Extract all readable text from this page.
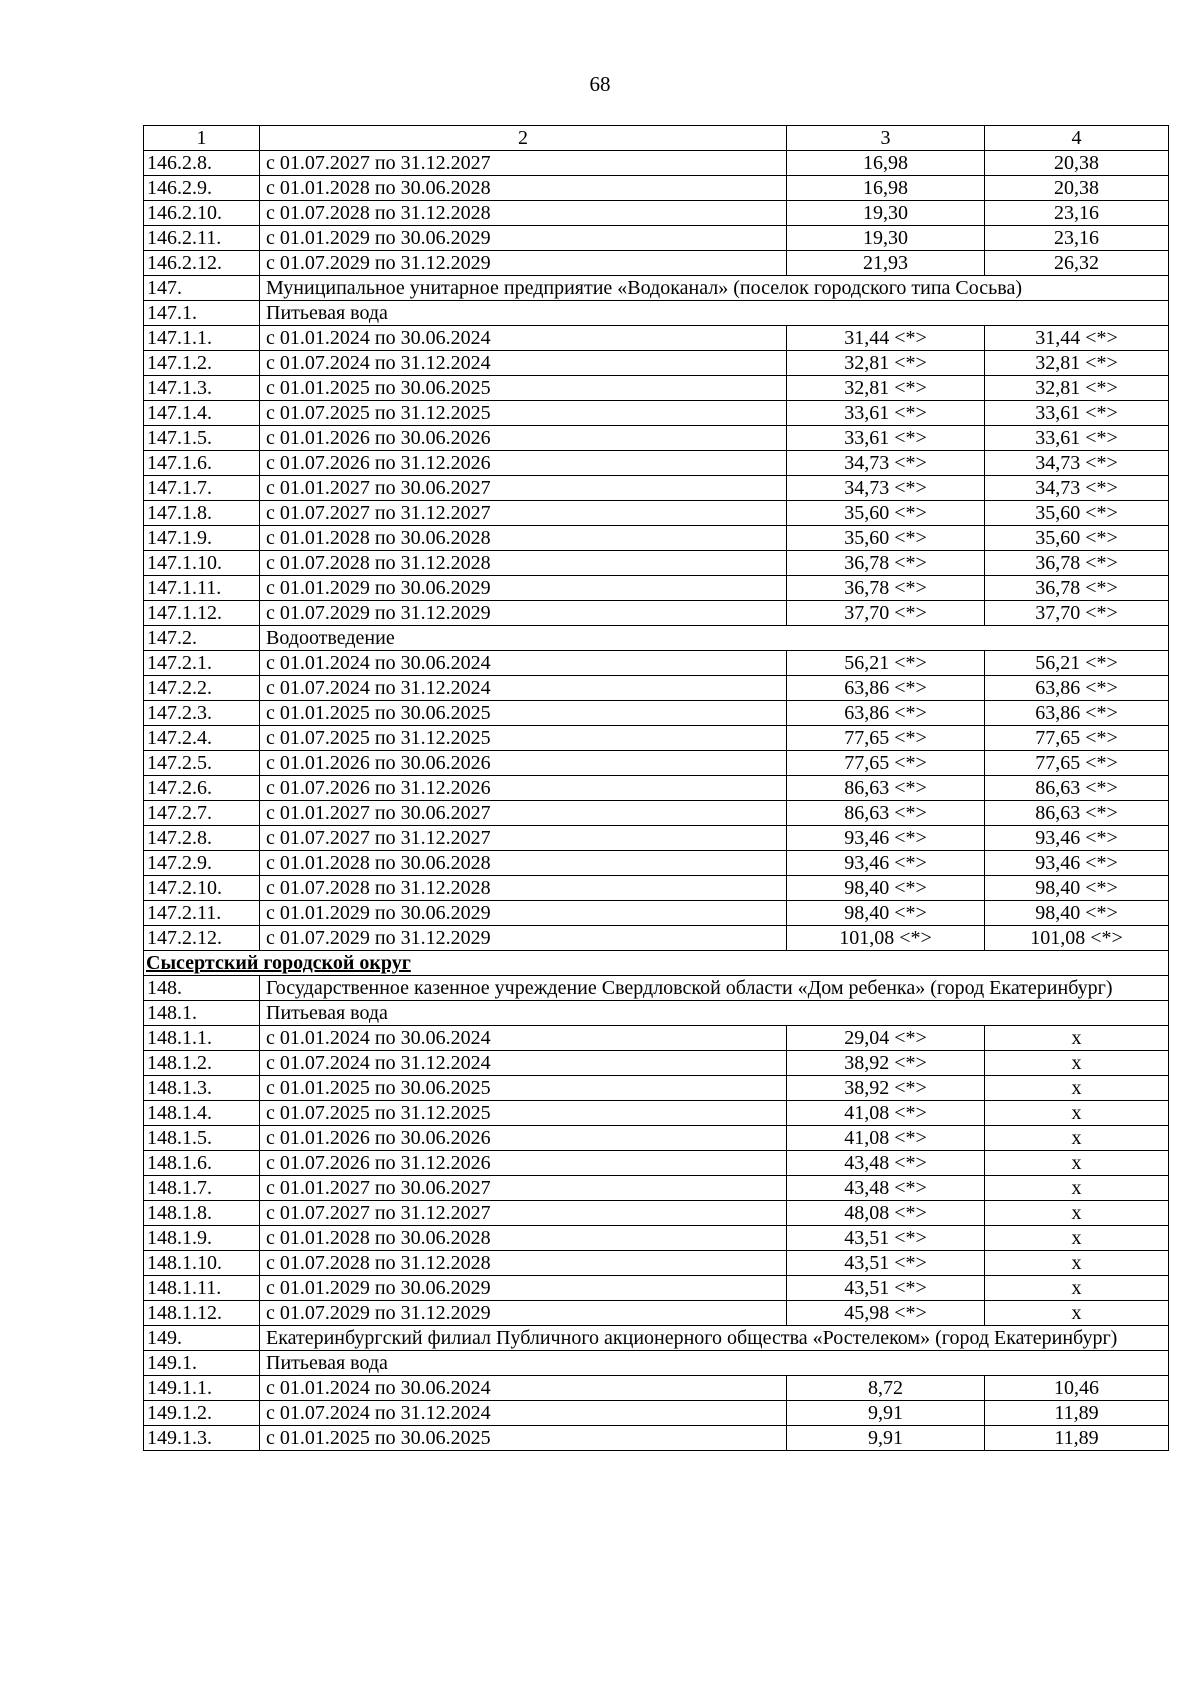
68
1	2	3	4
146.2.8.	с 01.07.2027 по 31.12.2027	16,98	20,38
146.2.9.	с 01.01.2028 по 30.06.2028	16,98	20,38
146.2.10.	с 01.07.2028 по 31.12.2028	19,30	23,16
146.2.11.	с 01.01.2029 по 30.06.2029	19,30	23,16
146.2.12.	с 01.07.2029 по 31.12.2029	21,93	26,32
147.	Муниципальное унитарное предприятие «Водоканал» (поселок городского типа Сосьва)		
147.1.	Питьевая вода		
147.1.1.	с 01.01.2024 по 30.06.2024	31,44 <*>	31,44 <*>
147.1.2.	с 01.07.2024 по 31.12.2024	32,81 <*>	32,81 <*>
147.1.3.	с 01.01.2025 по 30.06.2025	32,81 <*>	32,81 <*>
147.1.4.	с 01.07.2025 по 31.12.2025	33,61 <*>	33,61 <*>
147.1.5.	с 01.01.2026 по 30.06.2026	33,61 <*>	33,61 <*>
147.1.6.	с 01.07.2026 по 31.12.2026	34,73 <*>	34,73 <*>
147.1.7.	с 01.01.2027 по 30.06.2027	34,73 <*>	34,73 <*>
147.1.8.	с 01.07.2027 по 31.12.2027	35,60 <*>	35,60 <*>
147.1.9.	с 01.01.2028 по 30.06.2028	35,60 <*>	35,60 <*>
147.1.10.	с 01.07.2028 по 31.12.2028	36,78 <*>	36,78 <*>
147.1.11.	с 01.01.2029 по 30.06.2029	36,78 <*>	36,78 <*>
147.1.12.	с 01.07.2029 по 31.12.2029	37,70 <*>	37,70 <*>
147.2.	Водоотведение		
147.2.1.	с 01.01.2024 по 30.06.2024	56,21 <*>	56,21 <*>
147.2.2.	с 01.07.2024 по 31.12.2024	63,86 <*>	63,86 <*>
147.2.3.	с 01.01.2025 по 30.06.2025	63,86 <*>	63,86 <*>
147.2.4.	с 01.07.2025 по 31.12.2025	77,65 <*>	77,65 <*>
147.2.5.	с 01.01.2026 по 30.06.2026	77,65 <*>	77,65 <*>
147.2.6.	с 01.07.2026 по 31.12.2026	86,63 <*>	86,63 <*>
147.2.7.	с 01.01.2027 по 30.06.2027	86,63 <*>	86,63 <*>
147.2.8.	с 01.07.2027 по 31.12.2027	93,46 <*>	93,46 <*>
147.2.9.	с 01.01.2028 по 30.06.2028	93,46 <*>	93,46 <*>
147.2.10.	с 01.07.2028 по 31.12.2028	98,40 <*>	98,40 <*>
147.2.11.	с 01.01.2029 по 30.06.2029	98,40 <*>	98,40 <*>
147.2.12.	с 01.07.2029 по 31.12.2029	101,08 <*>	101,08 <*>
Сысертский городской округ			
148.	Государственное казенное учреждение Свердловской области «Дом ребенка» (город Екатеринбург)		
148.1.	Питьевая вода		
148.1.1.	с 01.01.2024 по 30.06.2024	29,04 <*>	х
148.1.2.	с 01.07.2024 по 31.12.2024	38,92 <*>	х
148.1.3.	с 01.01.2025 по 30.06.2025	38,92 <*>	х
148.1.4.	с 01.07.2025 по 31.12.2025	41,08 <*>	х
148.1.5.	с 01.01.2026 по 30.06.2026	41,08 <*>	х
148.1.6.	с 01.07.2026 по 31.12.2026	43,48 <*>	х
148.1.7.	с 01.01.2027 по 30.06.2027	43,48 <*>	х
148.1.8.	с 01.07.2027 по 31.12.2027	48,08 <*>	х
148.1.9.	с 01.01.2028 по 30.06.2028	43,51 <*>	х
148.1.10.	с 01.07.2028 по 31.12.2028	43,51 <*>	х
148.1.11.	с 01.01.2029 по 30.06.2029	43,51 <*>	х
148.1.12.	с 01.07.2029 по 31.12.2029	45,98 <*>	х
149.	Екатеринбургский филиал Публичного акционерного общества «Ростелеком» (город Екатеринбург)		
149.1.	Питьевая вода		
149.1.1.	с 01.01.2024 по 30.06.2024	8,72	10,46
149.1.2.	с 01.07.2024 по 31.12.2024	9,91	11,89
149.1.3.	с 01.01.2025 по 30.06.2025	9,91	11,89
